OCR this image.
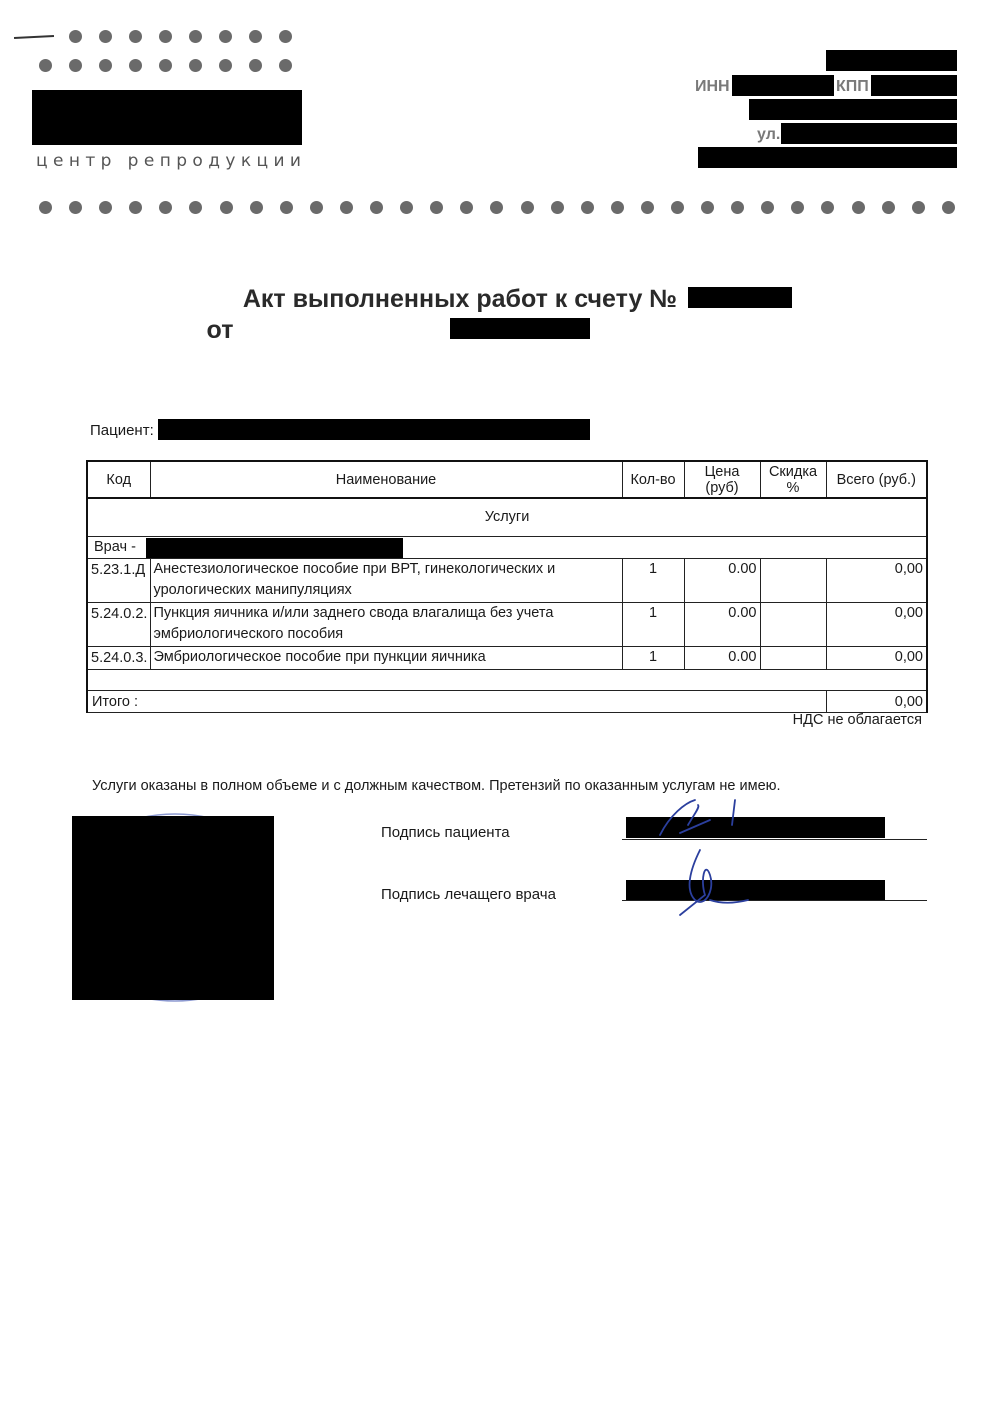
центр репродукции
ИНН	КПП
ул.
Акт выполненных работ к счету №
от
Пациент:
Код	Наименование	Кол-во	Цена (руб)	Скидка %	Всего (руб.)
Услуги					
Врач -					
5.23.1.Д	Анестезиологическое пособие при ВРТ, гинекологических и урологических манипуляциях	1	0.00		0,00
5.24.0.2.	Пункция яичника и/или заднего свода влагалища без учета эмбриологического пособия	1	0.00		0,00
5.24.0.3.	Эмбриологическое пособие при пункции яичника	1	0.00		0,00

Итого :					0,00
НДС не облагается
Услуги оказаны в полном объеме и с должным качеством. Претензий по оказанным услугам не имею.
Подпись пациента
Подпись лечащего врача
